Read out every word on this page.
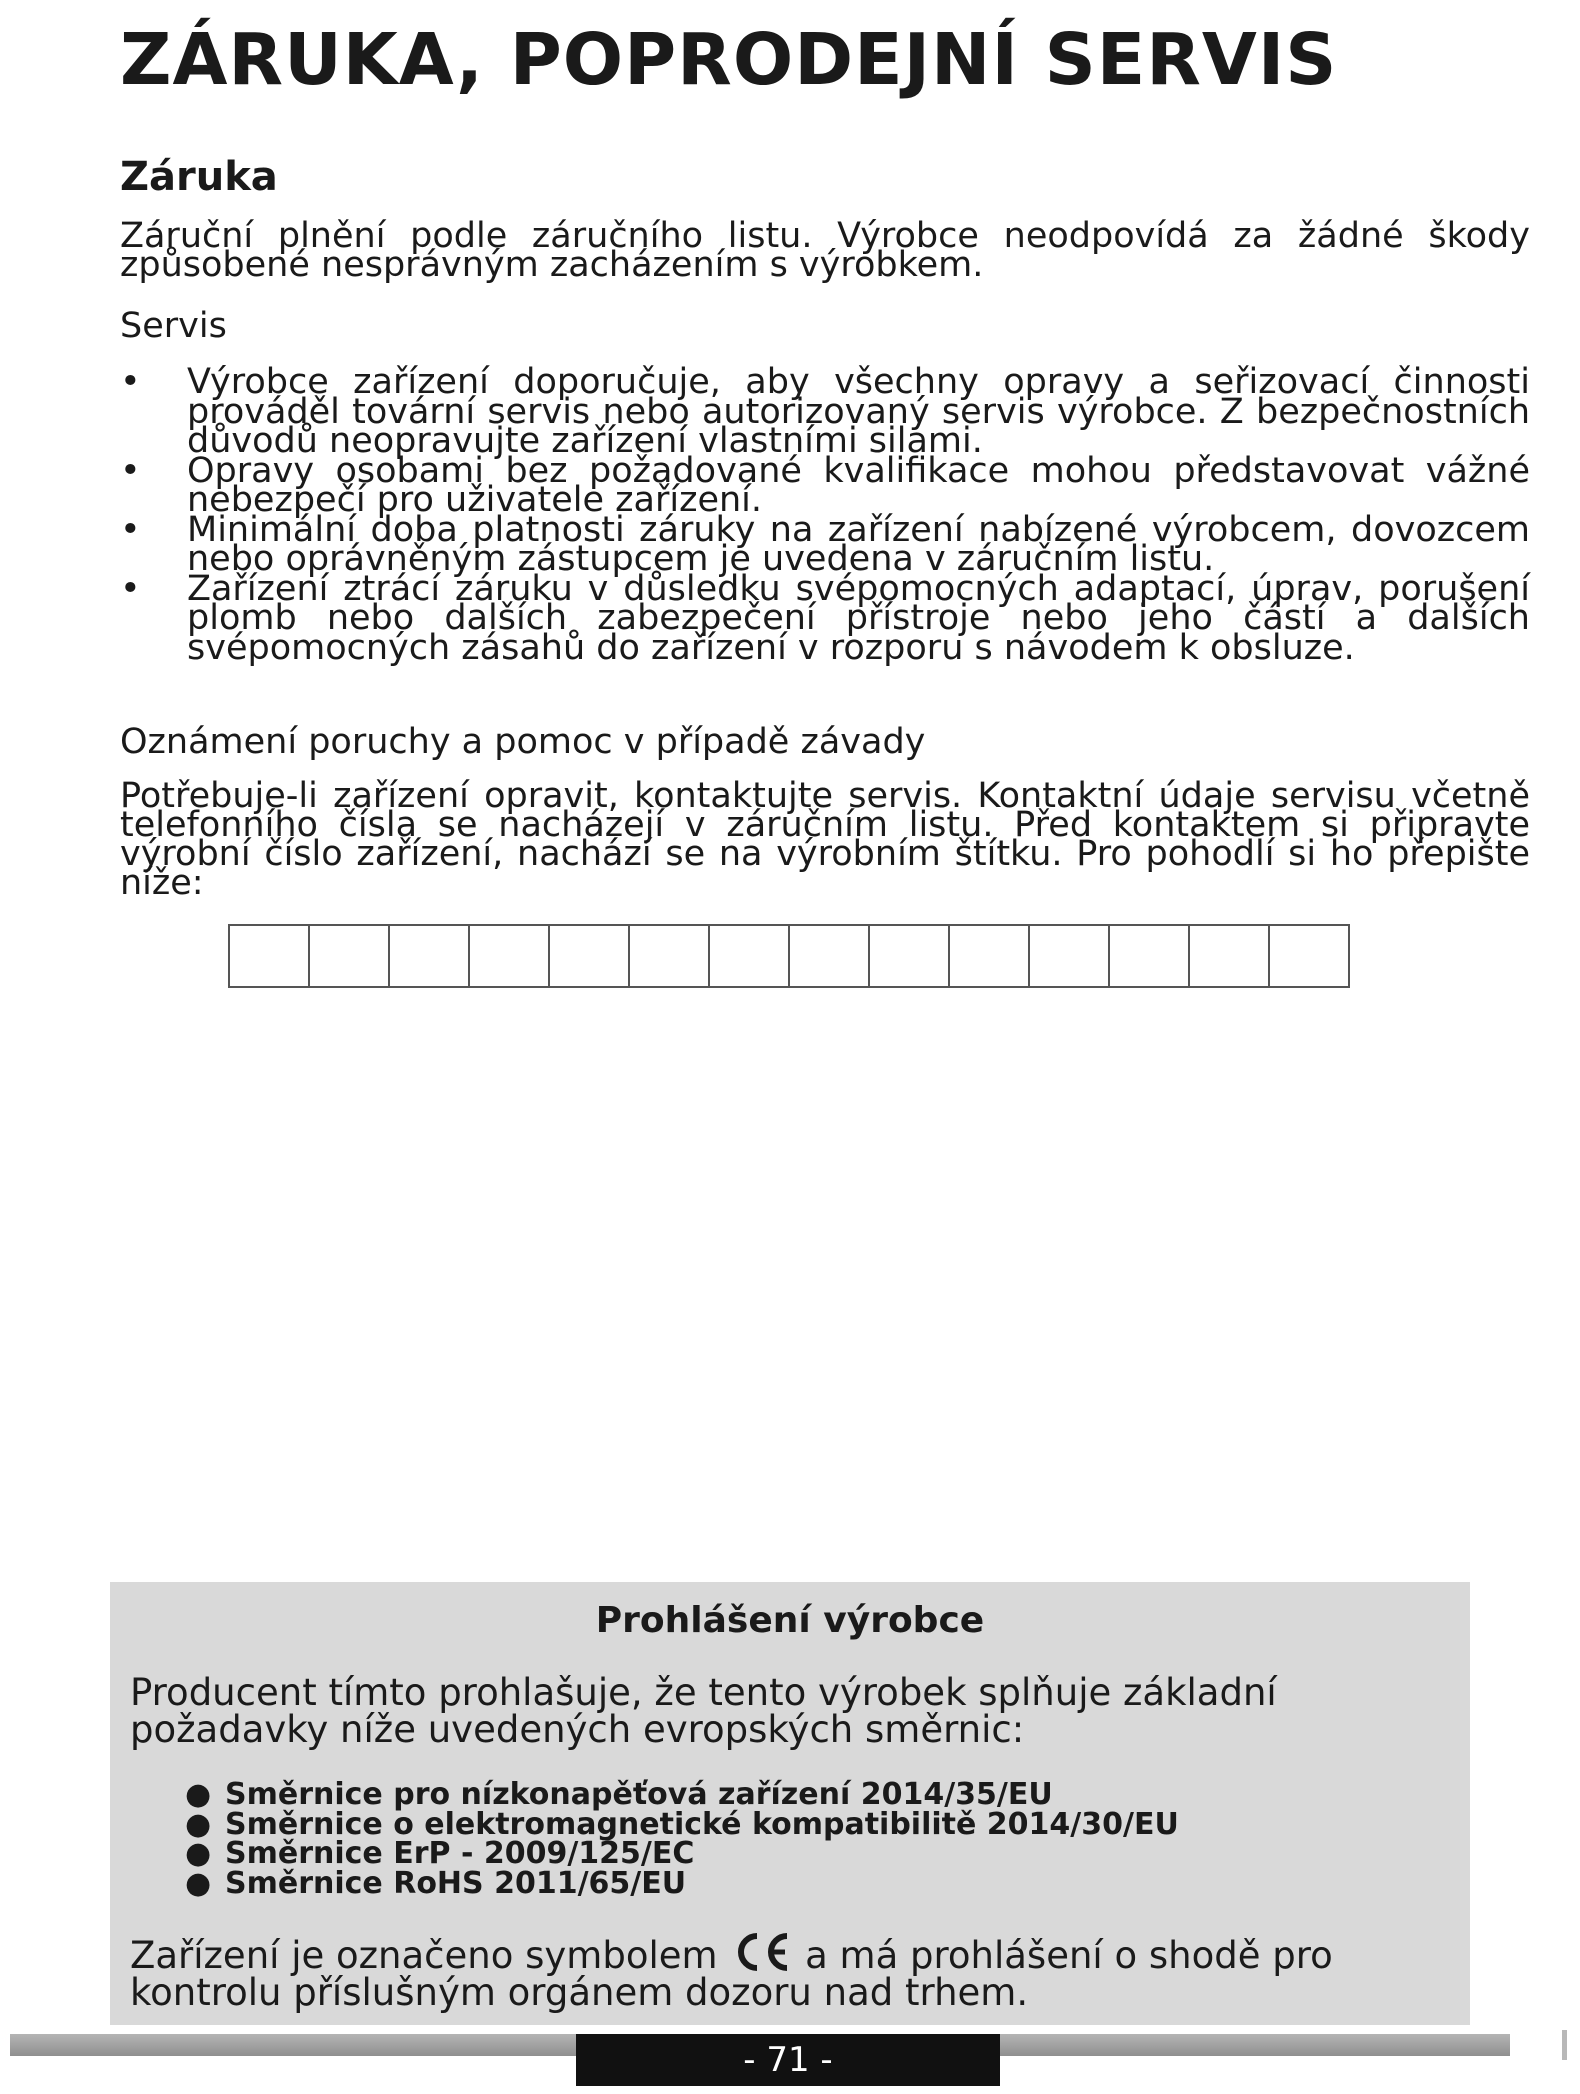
ZÁRUKA, POPRODEJNÍ SERVIS
Záruka

Záruční plnění podle záručního listu. Výrobce neodpovídá za žádné škody způsobené nesprávným zacházením s výrobkem.

Servis

• Výrobce zařízení doporučuje, aby všechny opravy a seřizovací činnosti prováděl tovární servis nebo autorizovaný servis výrobce. Z bezpečnostních důvodů neopravujte zařízení vlastními silami.
• Opravy osobami bez požadované kvalifikace mohou představovat vážné nebezpečí pro uživatele zařízení.
• Minimální doba platnosti záruky na zařízení nabízené výrobcem, dovozcem nebo oprávněným zástupcem je uvedena v záručním listu.
• Zařízení ztrácí záruku v důsledku svépomocných adaptací, úprav, porušení plomb nebo dalších zabezpečení přístroje nebo jeho částí a dalších svépomocných zásahů do zařízení v rozporu s návodem k obsluze.

Oznámení poruchy a pomoc v případě závady

Potřebuje-li zařízení opravit, kontaktujte servis. Kontaktní údaje servisu včetně telefonního čísla se nacházejí v záručním listu. Před kontaktem si připravte výrobní číslo zařízení, nachází se na výrobním štítku. Pro pohodlí si ho přepište níže:

Prohlášení výrobce

Producent tímto prohlašuje, že tento výrobek splňuje základní požadavky níže uvedených evropských směrnic:

● Směrnice pro nízkonapěťová zařízení 2014/35/EU
● Směrnice o elektromagnetické kompatibilitě 2014/30/EU
● Směrnice ErP - 2009/125/EC
● Směrnice RoHS 2011/65/EU

Zařízení je označeno symbolem a má prohlášení o shodě pro kontrolu příslušným orgánem dozoru nad trhem.

- 71 -
